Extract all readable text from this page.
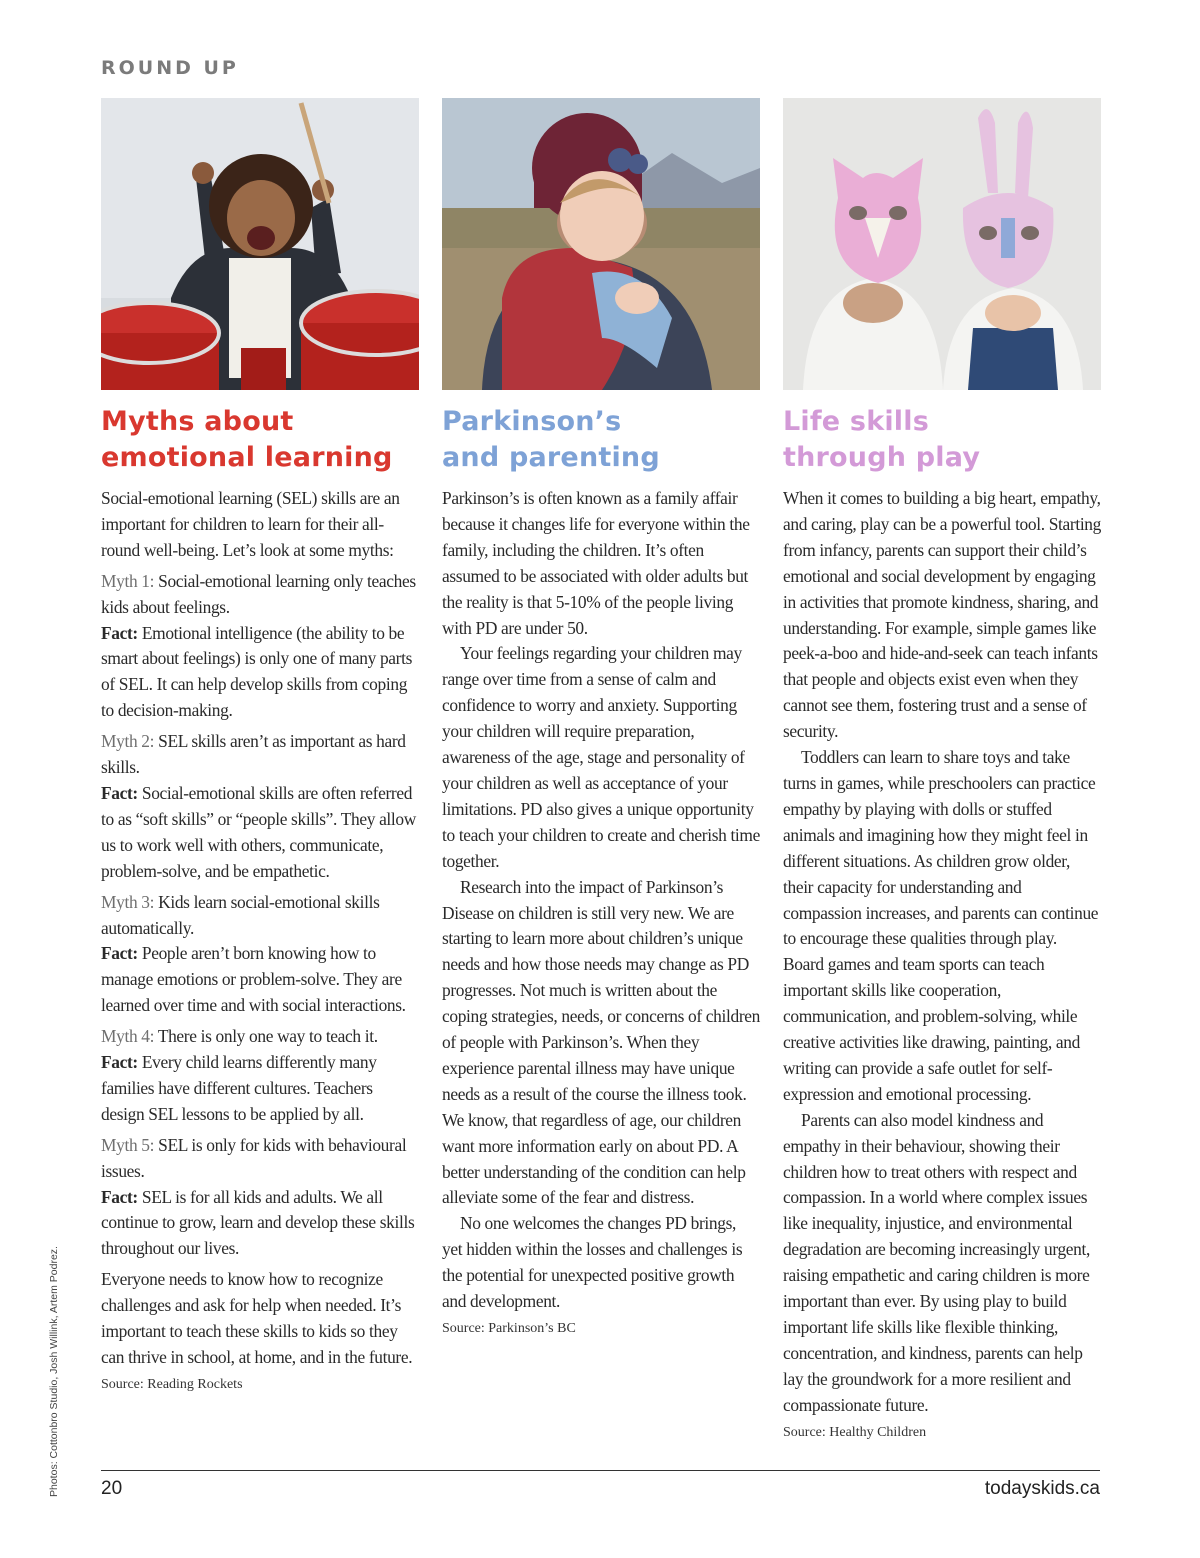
ROUND UP
Myths about
emotional learning

Social-emotional learning (SEL) skills are an important for children to learn for their all-round well-being. Let’s look at some myths:

Myth 1: Social-emotional learning only teaches kids about feelings.

Fact: Emotional intelligence (the ability to be smart about feelings) is only one of many parts of SEL. It can help develop skills from coping to decision-making.

Myth 2: SEL skills aren’t as important as hard skills.

Fact: Social-emotional skills are often referred to as “soft skills” or “people skills”. They allow us to work well with others, communicate, problem-solve, and be empathetic.

Myth 3: Kids learn social-emotional skills automatically.

Fact: People aren’t born knowing how to manage emotions or problem-solve. They are learned over time and with social interactions.

Myth 4: There is only one way to teach it.

Fact: Every child learns differently many families have different cultures. Teachers design SEL lessons to be applied by all.

Myth 5: SEL is only for kids with behavioural issues.

Fact: SEL is for all kids and adults. We all continue to grow, learn and develop these skills throughout our lives.

Everyone needs to know how to recognize challenges and ask for help when needed. It’s important to teach these skills to kids so they can thrive in school, at home, and in the future.

Source: Reading Rockets
Parkinson’s
and parenting

Parkinson’s is often known as a family affair because it changes life for everyone within the family, including the children. It’s often assumed to be associated with older adults but the reality is that 5-10% of the people living with PD are under 50.

Your feelings regarding your children may range over time from a sense of calm and confidence to worry and anxiety. Supporting your children will require preparation, awareness of the age, stage and personality of your children as well as acceptance of your limitations. PD also gives a unique opportunity to teach your children to create and cherish time together.

Research into the impact of Parkinson’s Disease on children is still very new. We are starting to learn more about children’s unique needs and how those needs may change as PD progresses. Not much is written about the coping strategies, needs, or concerns of children of people with Parkinson’s. When they experience parental illness may have unique needs as a result of the course the illness took. We know, that regardless of age, our children want more information early on about PD. A better understanding of the condition can help alleviate some of the fear and distress.

No one welcomes the changes PD brings, yet hidden within the losses and challenges is the potential for unexpected positive growth and development.

Source: Parkinson’s BC
Life skills
through play

When it comes to building a big heart, empathy, and caring, play can be a powerful tool. Starting from infancy, parents can support their child’s emotional and social development by engaging in activities that promote kindness, sharing, and understanding. For example, simple games like peek-a-boo and hide-and-seek can teach infants that people and objects exist even when they cannot see them, fostering trust and a sense of security.

Toddlers can learn to share toys and take turns in games, while preschoolers can practice empathy by playing with dolls or stuffed animals and imagining how they might feel in different situations. As children grow older, their capacity for understanding and compassion increases, and parents can continue to encourage these qualities through play. Board games and team sports can teach important skills like cooperation, communication, and problem-solving, while creative activities like drawing, painting, and writing can provide a safe outlet for self-expression and emotional processing.

Parents can also model kindness and empathy in their behaviour, showing their children how to treat others with respect and compassion. In a world where complex issues like inequality, injustice, and environmental degradation are becoming increasingly urgent, raising empathetic and caring children is more important than ever. By using play to build important life skills like flexible thinking, concentration, and kindness, parents can help lay the groundwork for a more resilient and compassionate future.

Source: Healthy Children
Photos: Cottonbro Studio, Josh Willink, Artem Podrez. 20	todayskids.ca
